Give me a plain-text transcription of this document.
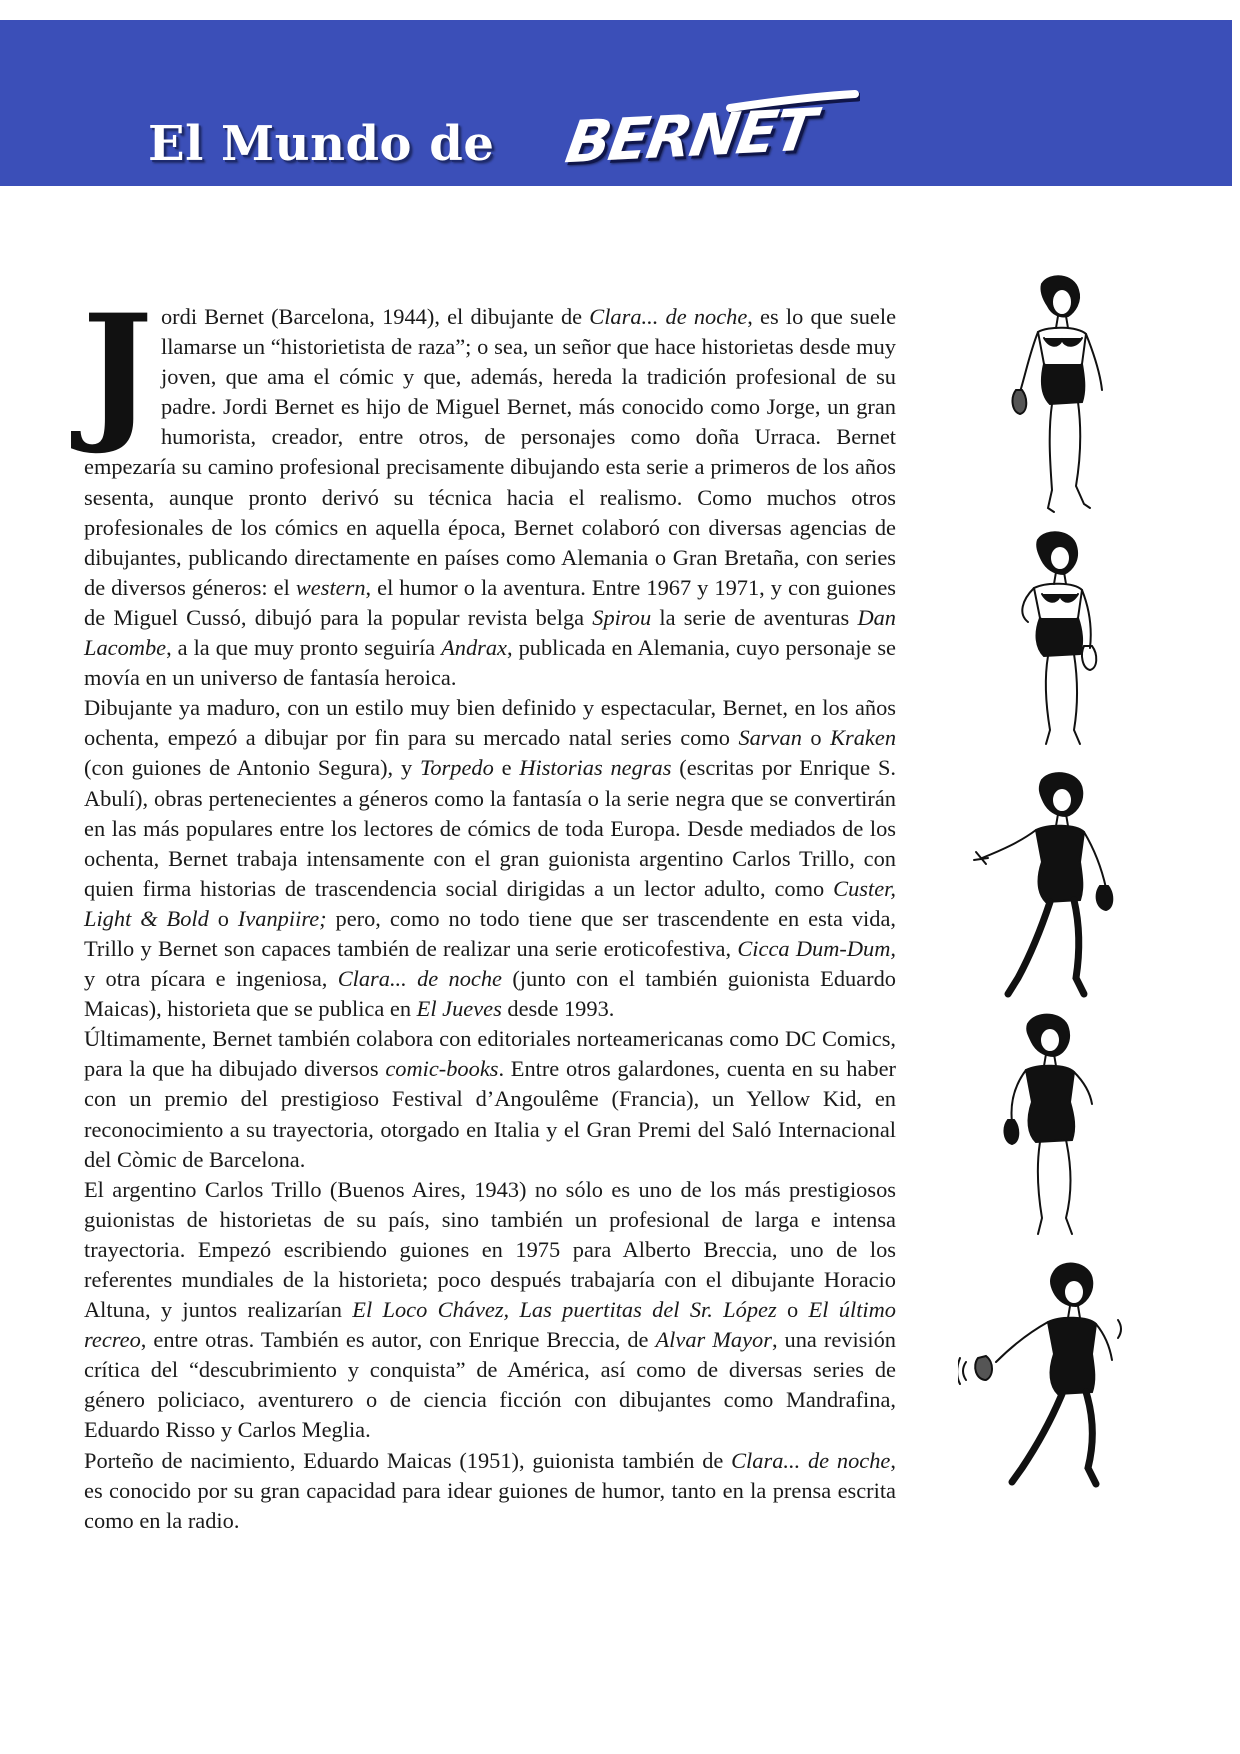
El Mundo de	BERNET

Jordi Bernet (Barcelona, 1944), el dibujante de Clara... de noche, es lo que suele llamarse un “historietista de raza”; o sea, un señor que hace historietas desde muy joven, que ama el cómic y que, además, hereda la tradición profesional de su padre. Jordi Bernet es hijo de Miguel Bernet, más conocido como Jorge, un gran humorista, creador, entre otros, de personajes como doña Urraca. Bernet empezaría su camino profesional precisamente dibujando esta serie a primeros de los años sesenta, aunque pronto derivó su técnica hacia el realismo. Como muchos otros profesionales de los cómics en aquella época, Bernet colaboró con diversas agencias de dibujantes, publicando directamente en países como Alemania o Gran Bretaña, con series de diversos géneros: el western, el humor o la aventura. Entre 1967 y 1971, y con guiones de Miguel Cussó, dibujó para la popular revista belga Spirou la serie de aventuras Dan Lacombe, a la que muy pronto seguiría Andrax, publicada en Alemania, cuyo personaje se movía en un universo de fantasía heroica.

Dibujante ya maduro, con un estilo muy bien definido y espectacular, Bernet, en los años ochenta, empezó a dibujar por fin para su mercado natal series como Sarvan o Kraken (con guiones de Antonio Segura), y Torpedo e Historias negras (escritas por Enrique S. Abulí), obras pertenecientes a géneros como la fantasía o la serie negra que se convertirán en las más populares entre los lectores de cómics de toda Europa. Desde mediados de los ochenta, Bernet trabaja intensamente con el gran guionista argentino Carlos Trillo, con quien firma historias de trascendencia social dirigidas a un lector adulto, como Custer, Light & Bold o Ivanpiire; pero, como no todo tiene que ser trascendente en esta vida, Trillo y Bernet son capaces también de realizar una serie eroticofestiva, Cicca Dum-Dum, y otra pícara e ingeniosa, Clara... de noche (junto con el también guionista Eduardo Maicas), historieta que se publica en El Jueves desde 1993.

Últimamente, Bernet también colabora con editoriales norteamericanas como DC Comics, para la que ha dibujado diversos comic-books. Entre otros galardones, cuenta en su haber con un premio del prestigioso Festival d’Angoulême (Francia), un Yellow Kid, en reconocimiento a su trayectoria, otorgado en Italia y el Gran Premi del Saló Internacional del Còmic de Barcelona.

El argentino Carlos Trillo (Buenos Aires, 1943) no sólo es uno de los más prestigiosos guionistas de historietas de su país, sino también un profesional de larga e intensa trayectoria. Empezó escribiendo guiones en 1975 para Alberto Breccia, uno de los referentes mundiales de la historieta; poco después trabajaría con el dibujante Horacio Altuna, y juntos realizarían El Loco Chávez, Las puertitas del Sr. López o El último recreo, entre otras. También es autor, con Enrique Breccia, de Alvar Mayor, una revisión crítica del “descubrimiento y conquista” de América, así como de diversas series de género policiaco, aventurero o de ciencia ficción con dibujantes como Mandrafina, Eduardo Risso y Carlos Meglia.

Porteño de nacimiento, Eduardo Maicas (1951), guionista también de Clara... de noche, es conocido por su gran capacidad para idear guiones de humor, tanto en la prensa escrita como en la radio.
